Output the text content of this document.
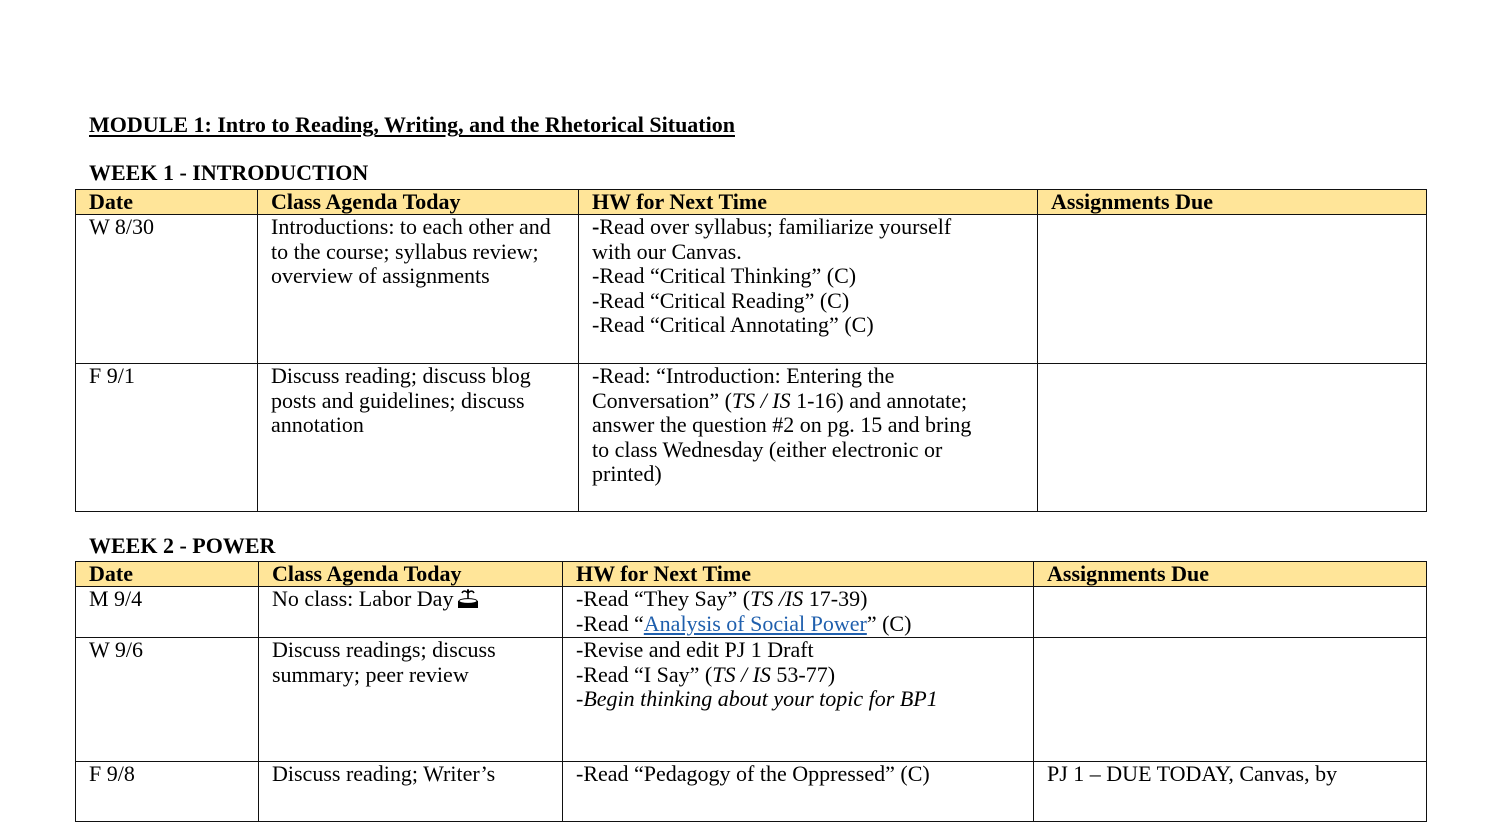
MODULE 1: Intro to Reading, Writing, and the Rhetorical Situation
WEEK 1 - INTRODUCTION
Date	Class Agenda Today	HW for Next Time	Assignments Due
W 8/30	Introductions: to each other and to the course; syllabus review; overview of assignments	-Read over syllabus; familiarize yourself
with our Canvas.
-Read “Critical Thinking” (C)
-Read “Critical Reading” (C)
-Read “Critical Annotating” (C)	

F 9/1	Discuss reading; discuss blog posts and guidelines; discuss annotation	-Read: “Introduction: Entering the
Conversation” (TS / IS 1-16) and annotate;
answer the question #2 on pg. 15 and bring
to class Wednesday (either electronic or
printed)	

WEEK 2 - POWER
Date	Class Agenda Today	HW for Next Time	Assignments Due
M 9/4	No class: Labor Day	-Read “They Say” (TS /IS 17-39)
-Read “Analysis of Social Power” (C)	

W 9/6	Discuss readings; discuss summary; peer review	-Revise and edit PJ 1 Draft
-Read “I Say” (TS / IS 53-77)
-Begin thinking about your topic for BP1	

F 9/8	Discuss reading; Writer’s	-Read “Pedagogy of the Oppressed” (C)	PJ 1 – DUE TODAY, Canvas, by
